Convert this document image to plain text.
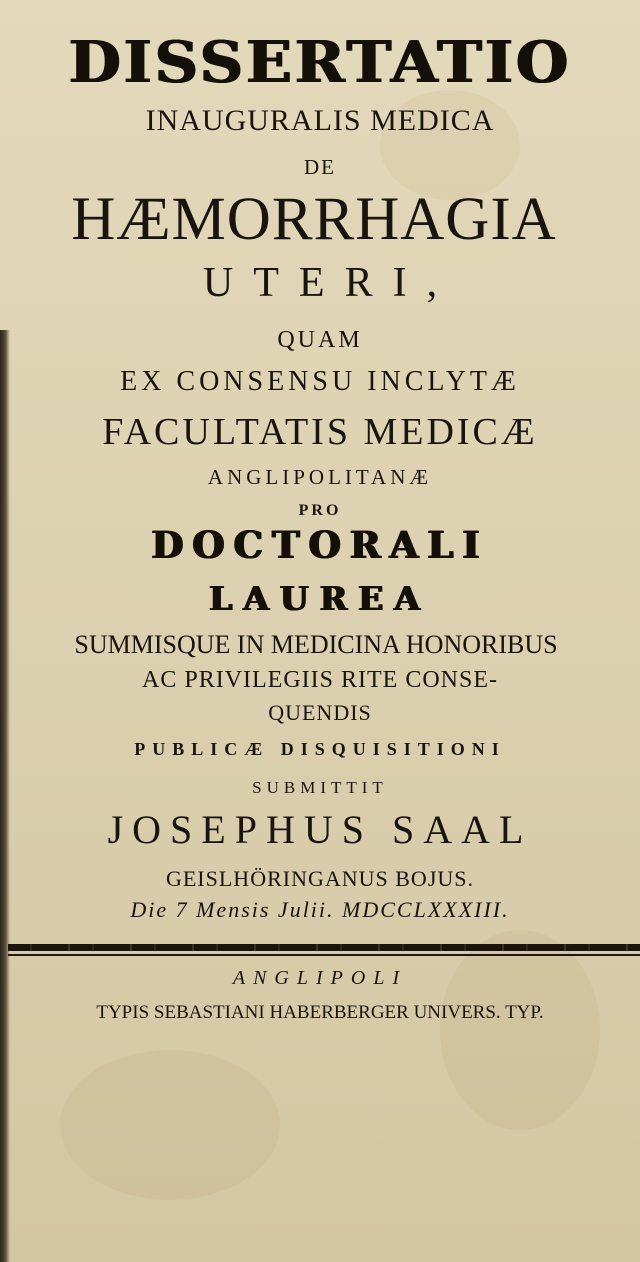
DISSERTATIO
INAUGURALIS MEDICA
DE
HÆMORRHAGIA
UTERI,
QUAM
EX CONSENSU INCLYTÆ
FACULTATIS MEDICÆ
ANGLIPOLITANÆ
PRO
DOCTORALI
LAUREA
SUMMISQUE IN MEDICINA HONORIBUS
AC PRIVILEGIIS RITE CONSE-
QUENDIS
PUBLICÆ DISQUISITIONI
SUBMITTIT
JOSEPHUS SAAL
GEISLHÖRINGANUS BOJUS.
Die 7 Mensis Julii. MDCCLXXXIII.
ANGLIPOLI
TYPIS SEBASTIANI HABERBERGER UNIVERS. TYP.
